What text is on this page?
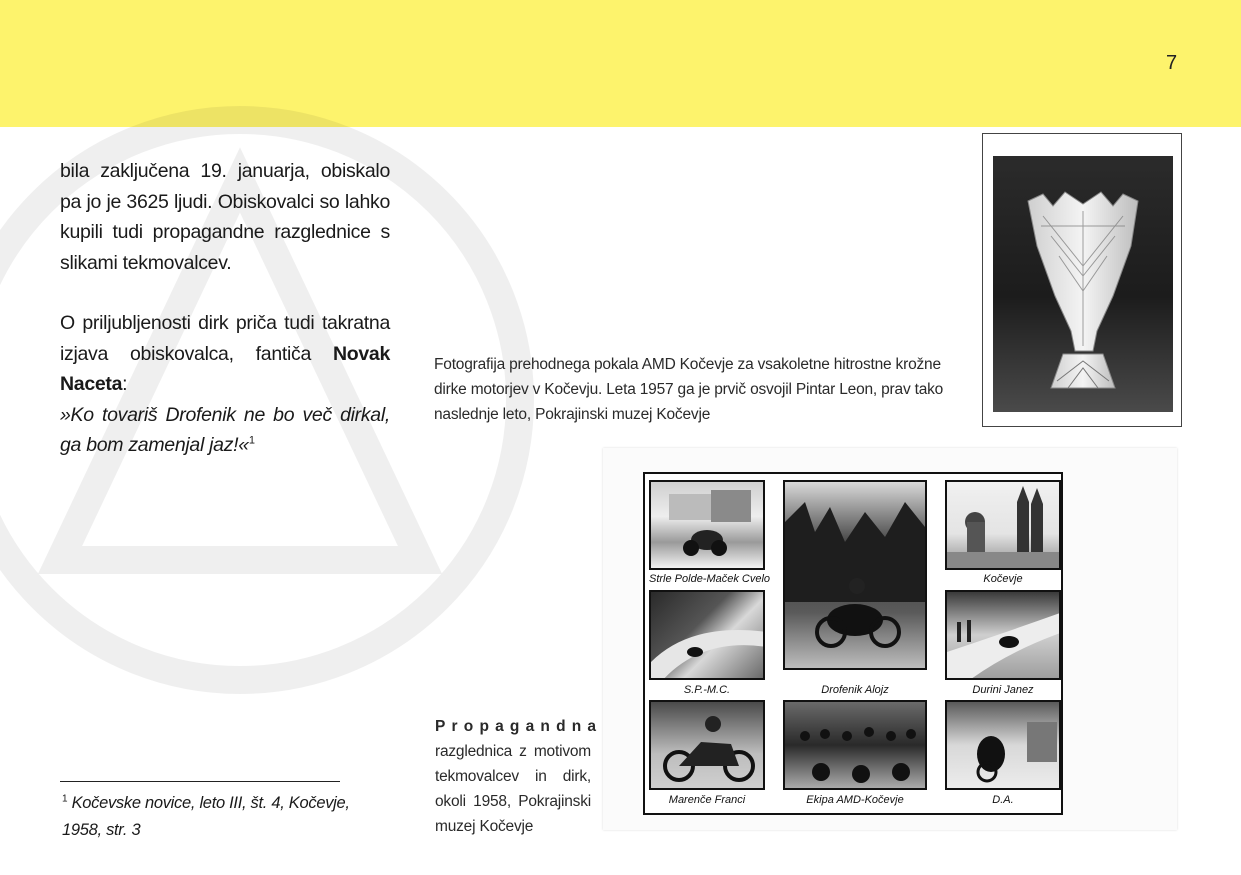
7

bila zaključena 19. januarja, obiskalo pa jo je 3625 ljudi. Obiskovalci so lahko kupili tudi propagandne razglednice s slikami tekmovalcev.

O priljubljenosti dirk priča tudi takratna izjava obiskovalca, fantiča Novak Naceta:
»Ko tovariš Drofenik ne bo več dirkal, ga bom zamenjal jaz!«$^1$

$^1$ Kočevske novice, leto III, št. 4, Kočevje, 1958, str. 3
Fotografija prehodnega pokala AMD Kočevje za vsakoletne hitrostne krožne dirke motorjev v Kočevju. Leta 1957 ga je prvič osvojil Pintar Leon, prav tako naslednje leto, Pokrajinski muzej Kočevje
Strle Polde-Maček Cvelo	Kočevje
S.P.-M.C.	Drofenik Alojz	Durini Janez
Marenče Franci	Ekipa AMD-Kočevje	D.A.
Propagandna
razglednica z motivom tekmovalcev in dirk, okoli 1958, Pokrajinski muzej Kočevje
